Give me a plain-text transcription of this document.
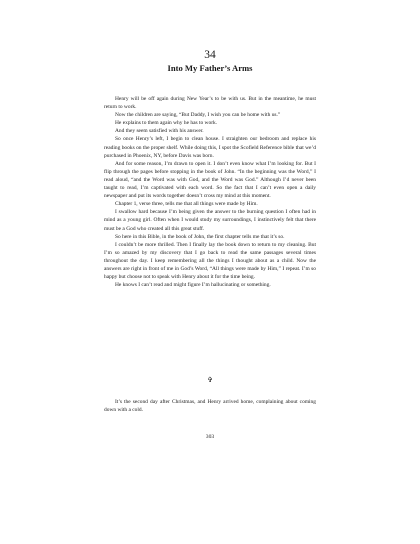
34
Into My Father’s Arms

Henry will be off again during New Year’s to be with us. But in the meantime, he must return to work.

Now the children are saying, “But Daddy, I wish you can be home with us.”

He explains to them again why he has to work.

And they seem satisfied with his answer.

So once Henry’s left, I begin to clean house. I straighten our bedroom and replace his reading books on the proper shelf. While doing this, I spot the Scofield Reference bible that we’d purchased in Phoenix, NY, before Davis was born.

And for some reason, I’m drawn to open it. I don’t even know what I’m looking for. But I flip through the pages before stopping in the book of John. “In the beginning was the Word,” I read aloud, “and the Word was with God, and the Word was God.” Although I’d never been taught to read, I’m captivated with each word. So the fact that I can’t even open a daily newspaper and put its words together doesn’t cross my mind at this moment.

Chapter 1, verse three, tells me that all things were made by Him.

I swallow hard because I’m being given the answer to the burning question I often had in mind as a young girl. Often when I would study my surroundings, I instinctively felt that there must be a God who created all this great stuff.

So here in this Bible, in the book of John, the first chapter tells me that it’s so.

I couldn’t be more thrilled. Then I finally lay the book down to return to my cleaning. But I’m so amazed by my discovery that I go back to read the same passages several times throughout the day. I keep remembering all the things I thought about as a child. Now the answers are right in front of me in God’s Word, “All things were made by Him,” I repeat. I’m so happy but choose not to speak with Henry about it for the time being.

He knows I can’t read and might figure I’m hallucinating or something.

✞

It’s the second day after Christmas, and Henry arrived home, complaining about coming down with a cold.

303
